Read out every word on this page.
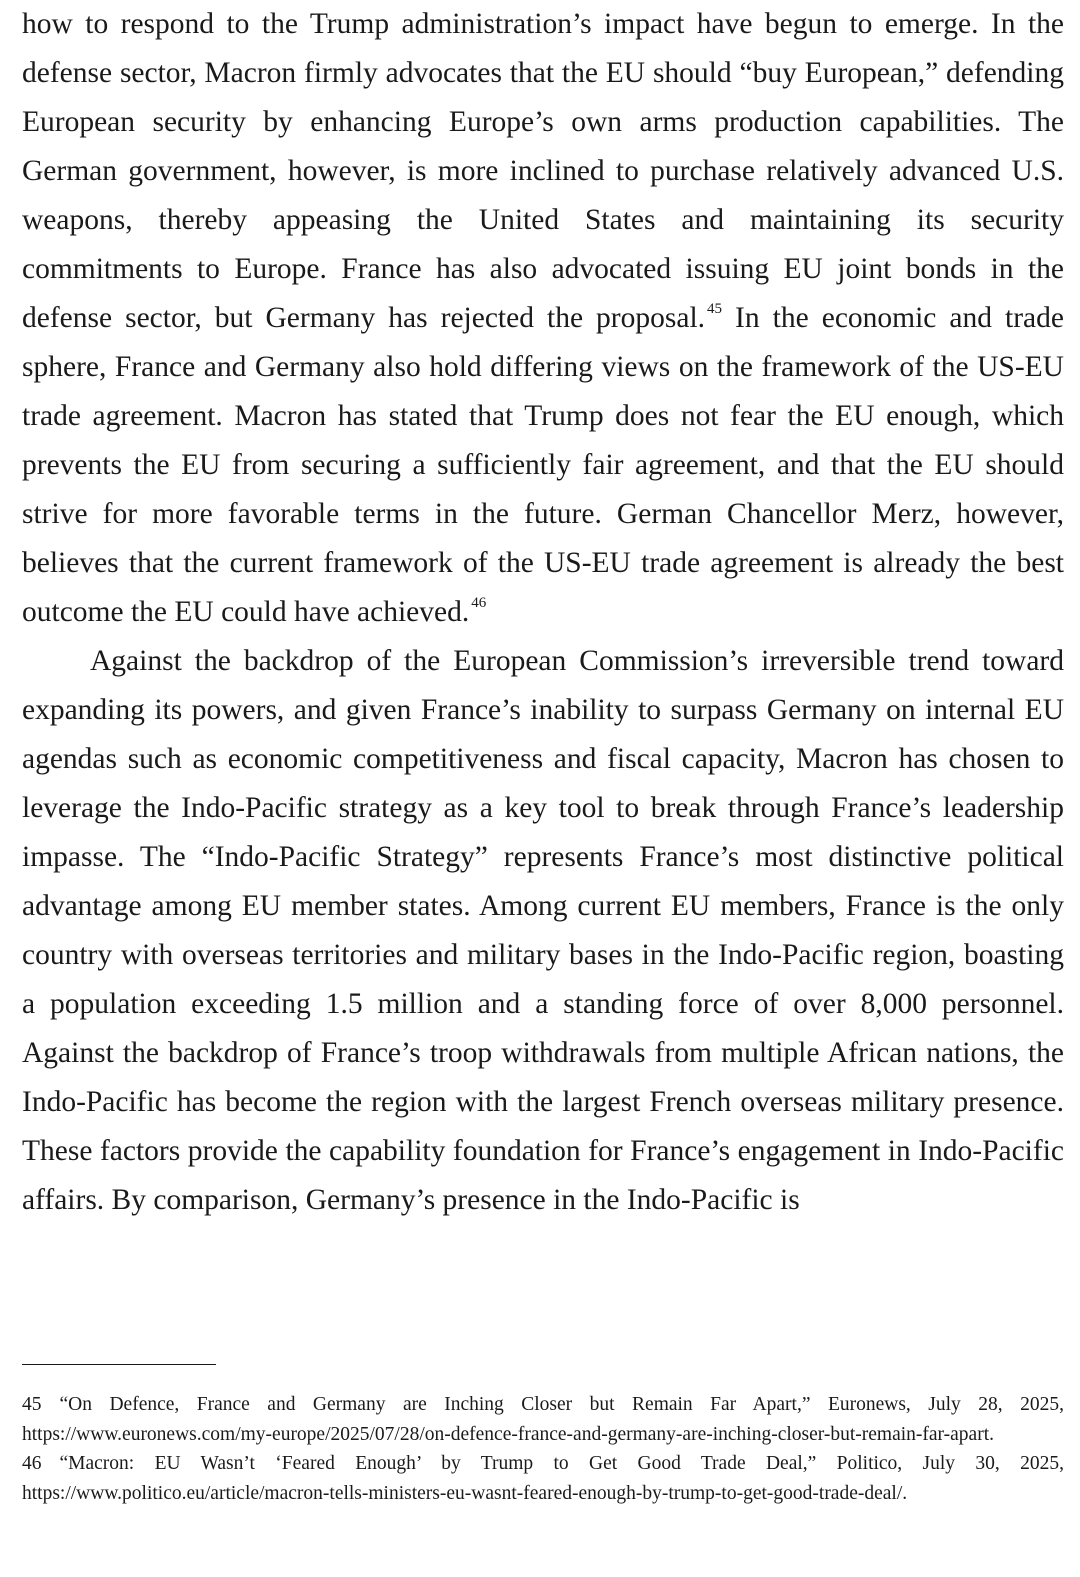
how to respond to the Trump administration’s impact have begun to emerge. In the defense sector, Macron firmly advocates that the EU should “buy European,” defending European security by enhancing Europe’s own arms production capabilities. The German government, however, is more inclined to purchase relatively advanced U.S. weapons, thereby appeasing the United States and maintaining its security commitments to Europe. France has also advocated issuing EU joint bonds in the defense sector, but Germany has rejected the proposal. $^{45}$ In the economic and trade sphere, France and Germany also hold differing views on the framework of the US-EU trade agreement. Macron has stated that Trump does not fear the EU enough, which prevents the EU from securing a sufficiently fair agreement, and that the EU should strive for more favorable terms in the future. German Chancellor Merz, however, believes that the current framework of the US-EU trade agreement is already the best outcome the EU could have achieved. $^{46}$

Against the backdrop of the European Commission’s irreversible trend toward expanding its powers, and given France’s inability to surpass Germany on internal EU agendas such as economic competitiveness and fiscal capacity, Macron has chosen to leverage the Indo-Pacific strategy as a key tool to break through France’s leadership impasse. The “Indo-Pacific Strategy” represents France’s most distinctive political advantage among EU member states. Among current EU members, France is the only country with overseas territories and military bases in the Indo-Pacific region, boasting a population exceeding 1.5 million and a standing force of over 8,000 personnel. Against the backdrop of France’s troop withdrawals from multiple African nations, the Indo-Pacific has become the region with the largest French overseas military presence. These factors provide the capability foundation for France’s engagement in Indo-Pacific affairs. By comparison, Germany’s presence in the Indo-Pacific is

45 “On Defence, France and Germany are Inching Closer but Remain Far Apart,” Euronews, July 28, 2025, https://www.euronews.com/my-europe/2025/07/28/on-defence-france-and-germany-are-inching-closer-but-remain-far-apart.

46 “Macron: EU Wasn’t ‘Feared Enough’ by Trump to Get Good Trade Deal,” Politico, July 30, 2025, https://www.politico.eu/article/macron-tells-ministers-eu-wasnt-feared-enough-by-trump-to-get-good-trade-deal/.
